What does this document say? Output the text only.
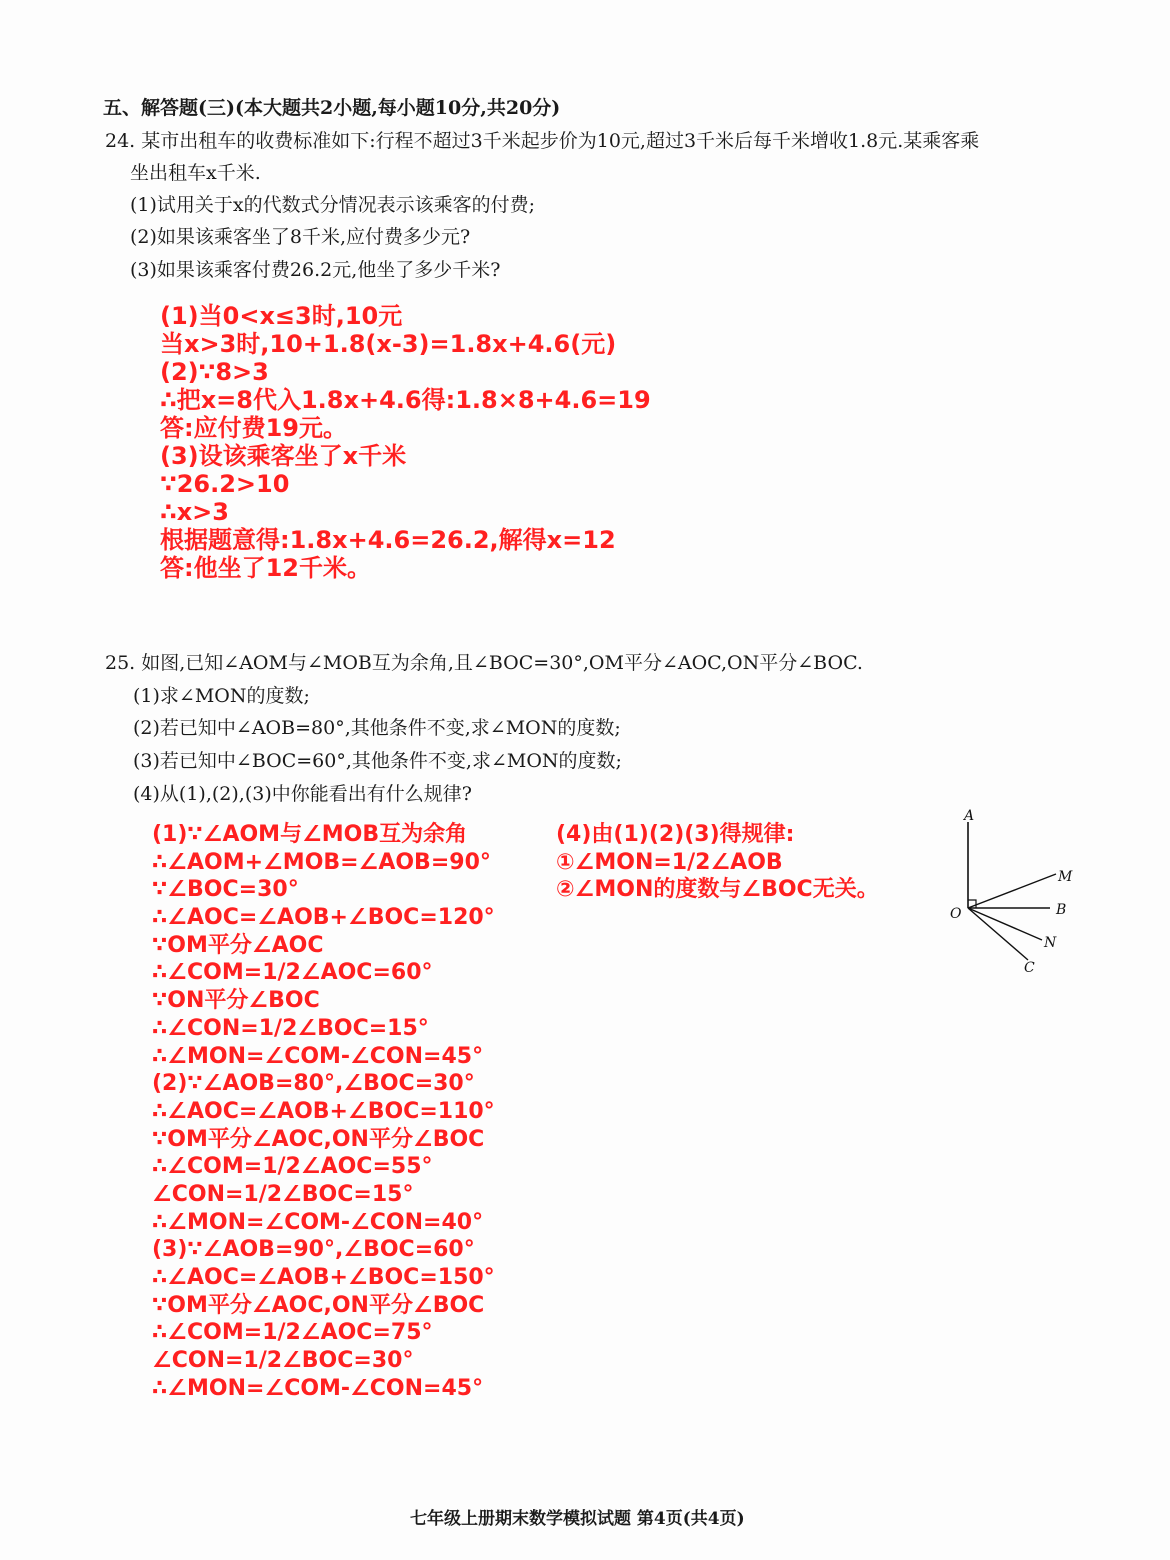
五、解答题(三)(本大题共2小题,每小题10分,共20分)
24. 某市出租车的收费标准如下:行程不超过3千米起步价为10元,超过3千米后每千米增收1.8元.某乘客乘
坐出租车x千米.
(1)试用关于x的代数式分情况表示该乘客的付费;
(2)如果该乘客坐了8千米,应付费多少元?
(3)如果该乘客付费26.2元,他坐了多少千米?
(1)当0<x≤3时,10元
当x>3时,10+1.8(x-3)=1.8x+4.6(元)
(2)∵8>3
∴把x=8代入1.8x+4.6得:1.8×8+4.6=19
答:应付费19元。
(3)设该乘客坐了x千米
∵26.2>10
∴x>3
根据题意得:1.8x+4.6=26.2,解得x=12
答:他坐了12千米。
25. 如图,已知∠AOM与∠MOB互为余角,且∠BOC=30°,OM平分∠AOC,ON平分∠BOC.
(1)求∠MON的度数;
(2)若已知中∠AOB=80°,其他条件不变,求∠MON的度数;
(3)若已知中∠BOC=60°,其他条件不变,求∠MON的度数;
(4)从(1),(2),(3)中你能看出有什么规律?
(1)∵∠AOM与∠MOB互为余角
∴∠AOM+∠MOB=∠AOB=90°
∵∠BOC=30°
∴∠AOC=∠AOB+∠BOC=120°
∵OM平分∠AOC
∴∠COM=1/2∠AOC=60°
∵ON平分∠BOC
∴∠CON=1/2∠BOC=15°
∴∠MON=∠COM-∠CON=45°
(2)∵∠AOB=80°,∠BOC=30°
∴∠AOC=∠AOB+∠BOC=110°
∵OM平分∠AOC,ON平分∠BOC
∴∠COM=1/2∠AOC=55°
∠CON=1/2∠BOC=15°
∴∠MON=∠COM-∠CON=40°
(3)∵∠AOB=90°,∠BOC=60°
∴∠AOC=∠AOB+∠BOC=150°
∵OM平分∠AOC,ON平分∠BOC
∴∠COM=1/2∠AOC=75°
∠CON=1/2∠BOC=30°
∴∠MON=∠COM-∠CON=45°
(4)由(1)(2)(3)得规律:
①∠MON=1/2∠AOB
②∠MON的度数与∠BOC无关。
A
M
B
N
C
O
七年级上册期末数学模拟试题 第4页(共4页)
